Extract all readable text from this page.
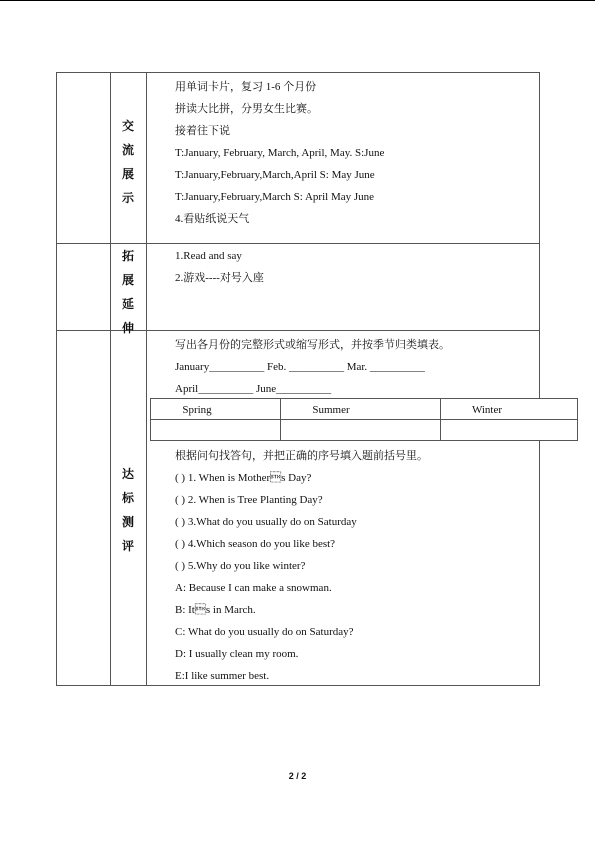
交
流
展
示
用单词卡片，复习 1-6 个月份
拼读大比拼，分男女生比赛。
接着往下说
T:January, February, March, April, May. S:June
T:January,February,March,April S: May June
T:January,February,March S: April May June
4.看贴纸说天气
拓
展
延
伸
1.Read and say
2.游戏----对号入座
达
标
测
评
写出各月份的完整形式或缩写形式，并按季节归类填表。
January__________ Feb. __________ Mar. __________
April__________ June__________
Spring	Summer	Winter
根据问句找答句，并把正确的序号填入题前括号里。
( ) 1. When is Mothers Day?
( ) 2. When is Tree Planting Day?
( ) 3.What do you usually do on Saturday
( ) 4.Which season do you like best?
( ) 5.Why do you like winter?
A: Because I can make a snowman.
B: Its in March.
C: What do you usually do on Saturday?
D: I usually clean my room.
E:I like summer best.
2 / 2
